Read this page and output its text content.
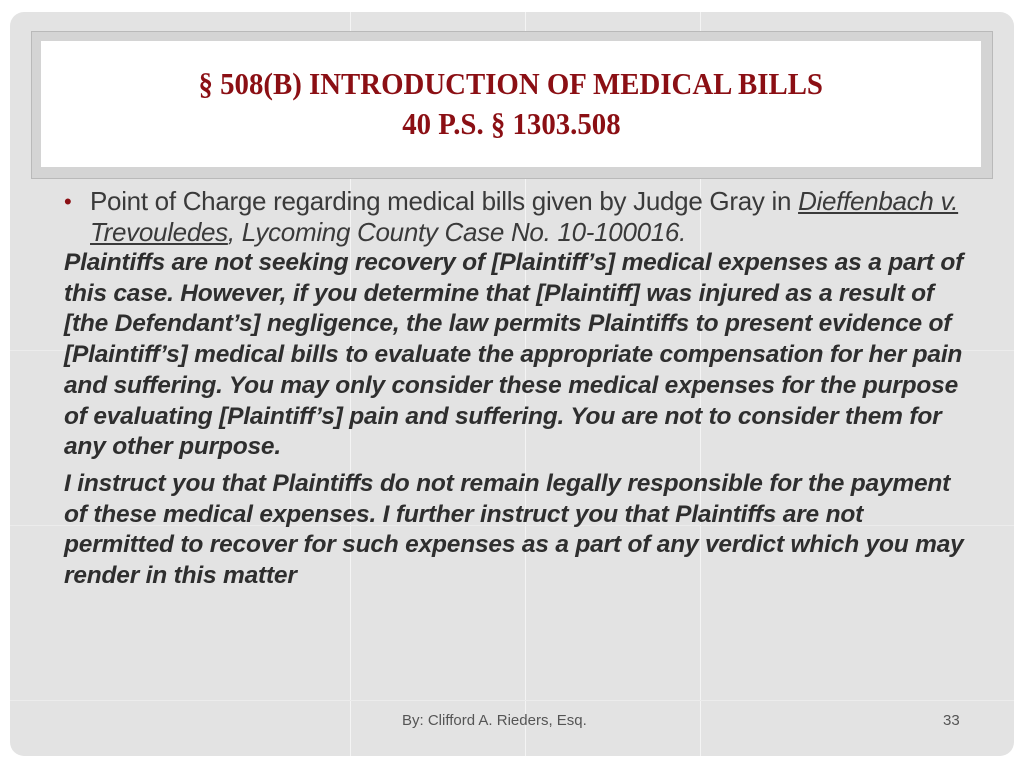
§ 508(B) INTRODUCTION OF MEDICAL BILLS
40 P.S. § 1303.508
• Point of Charge regarding medical bills given by Judge Gray in Dieffenbach v. Trevouledes, Lycoming County Case No. 10-100016.

Plaintiffs are not seeking recovery of [Plaintiff’s] medical expenses as a part of this case. However, if you determine that [Plaintiff] was injured as a result of [the Defendant’s] negligence, the law permits Plaintiffs to present evidence of [Plaintiff’s] medical bills to evaluate the appropriate compensation for her pain and suffering. You may only consider these medical expenses for the purpose of evaluating [Plaintiff’s] pain and suffering. You are not to consider them for any other purpose.

I instruct you that Plaintiffs do not remain legally responsible for the payment of these medical expenses. I further instruct you that Plaintiffs are not permitted to recover for such expenses as a part of any verdict which you may render in this matter

By: Clifford A. Rieders, Esq.	33
